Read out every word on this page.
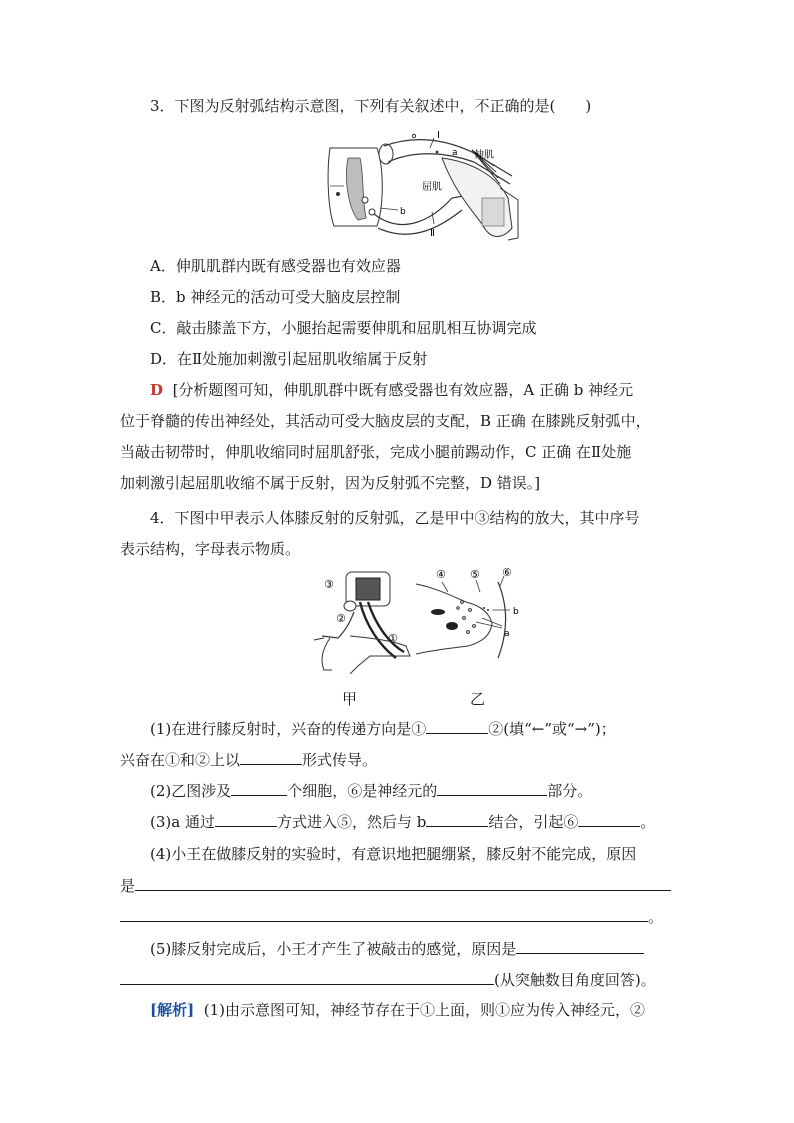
3．下图为反射弧结构示意图，下列有关叙述中，不正确的是(　　)
Ⅰ
a 伸肌
屈肌
b
Ⅱ
A．伸肌肌群内既有感受器也有效应器
B．b 神经元的活动可受大脑皮层控制
C．敲击膝盖下方，小腿抬起需要伸肌和屈肌相互协调完成
D．在Ⅱ处施加刺激引起屈肌收缩属于反射
D [分析题图可知，伸肌肌群中既有感受器也有效应器，A 正确 b 神经元
位于脊髓的传出神经处，其活动可受大脑皮层的支配，B 正确 在膝跳反射弧中，
当敲击韧带时，伸肌收缩同时屈肌舒张，完成小腿前踢动作，C 正确 在Ⅱ处施
加刺激引起屈肌收缩不属于反射，因为反射弧不完整，D 错误。]
4．下图中甲表示人体膝反射的反射弧，乙是甲中③结构的放大，其中序号
表示结构，字母表示物质。
③
②
①
④ ⑤ ⑥
b
a
甲	乙
(1)在进行膝反射时，兴奋的传递方向是①	②(填“←”或“→”)；
兴奋在①和②上以	形式传导。
(2)乙图涉及	个细胞，⑥是神经元的	部分。
(3)a 通过	方式进入⑤，然后与 b	结合，引起⑥	。
(4)小王在做膝反射的实验时，有意识地把腿绷紧，膝反射不能完成，原因
是
。
(5)膝反射完成后，小王才产生了被敲击的感觉，原因是
(从突触数目角度回答)。
[解析] (1)由示意图可知，神经节存在于①上面，则①应为传入神经元，②
